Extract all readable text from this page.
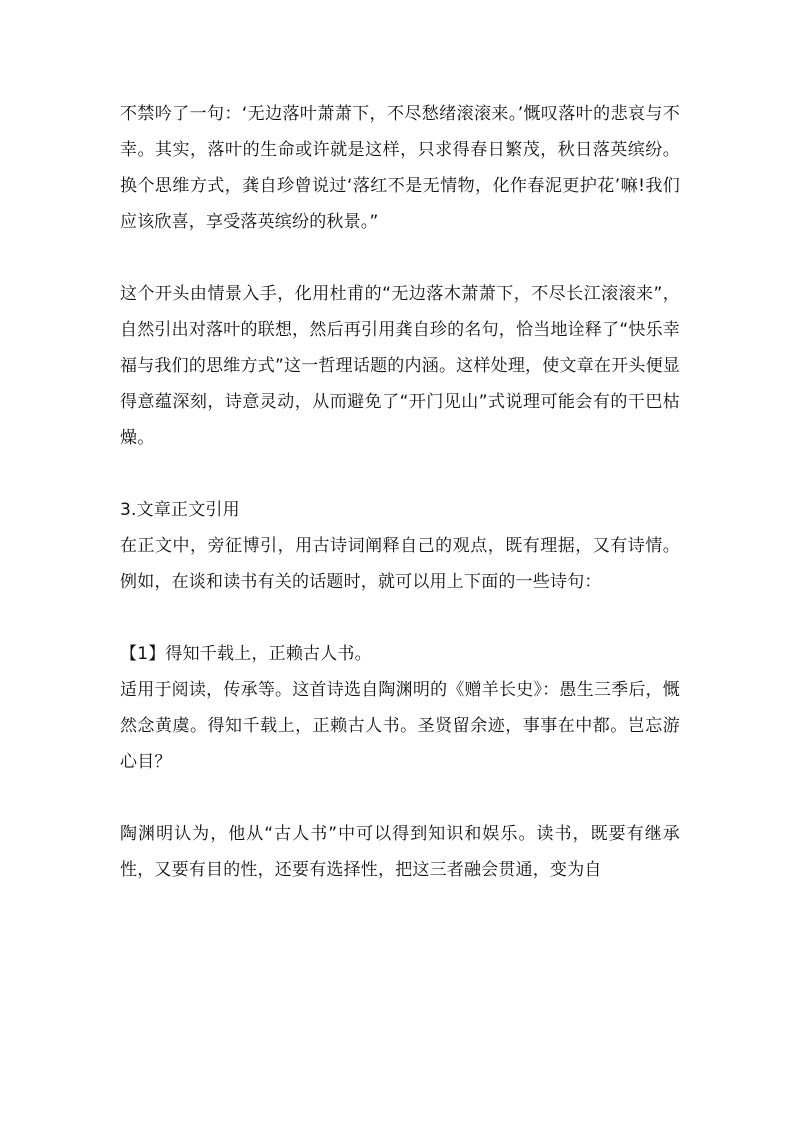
不禁吟了一句：‘无边落叶萧萧下，不尽愁绪滚滚来。’慨叹落叶的悲哀与不幸。其实，落叶的生命或许就是这样，只求得春日繁茂，秋日落英缤纷。换个思维方式，龚自珍曾说过‘落红不是无情物，化作春泥更护花’嘛!我们应该欣喜，享受落英缤纷的秋景。”

这个开头由情景入手，化用杜甫的“无边落木萧萧下，不尽长江滚滚来”，自然引出对落叶的联想，然后再引用龚自珍的名句，恰当地诠释了“快乐幸福与我们的思维方式”这一哲理话题的内涵。这样处理，使文章在开头便显得意蕴深刻，诗意灵动，从而避免了“开门见山”式说理可能会有的干巴枯燥。

3.文章正文引用

在正文中，旁征博引，用古诗词阐释自己的观点，既有理据，又有诗情。例如，在谈和读书有关的话题时，就可以用上下面的一些诗句：

【1】得知千载上，正赖古人书。

适用于阅读，传承等。这首诗选自陶渊明的《赠羊长史》：愚生三季后，慨然念黄虞。得知千载上，正赖古人书。圣贤留余迹，事事在中都。岂忘游心目？

陶渊明认为，他从“古人书”中可以得到知识和娱乐。读书，既要有继承性，又要有目的性，还要有选择性，把这三者融会贯通，变为自
